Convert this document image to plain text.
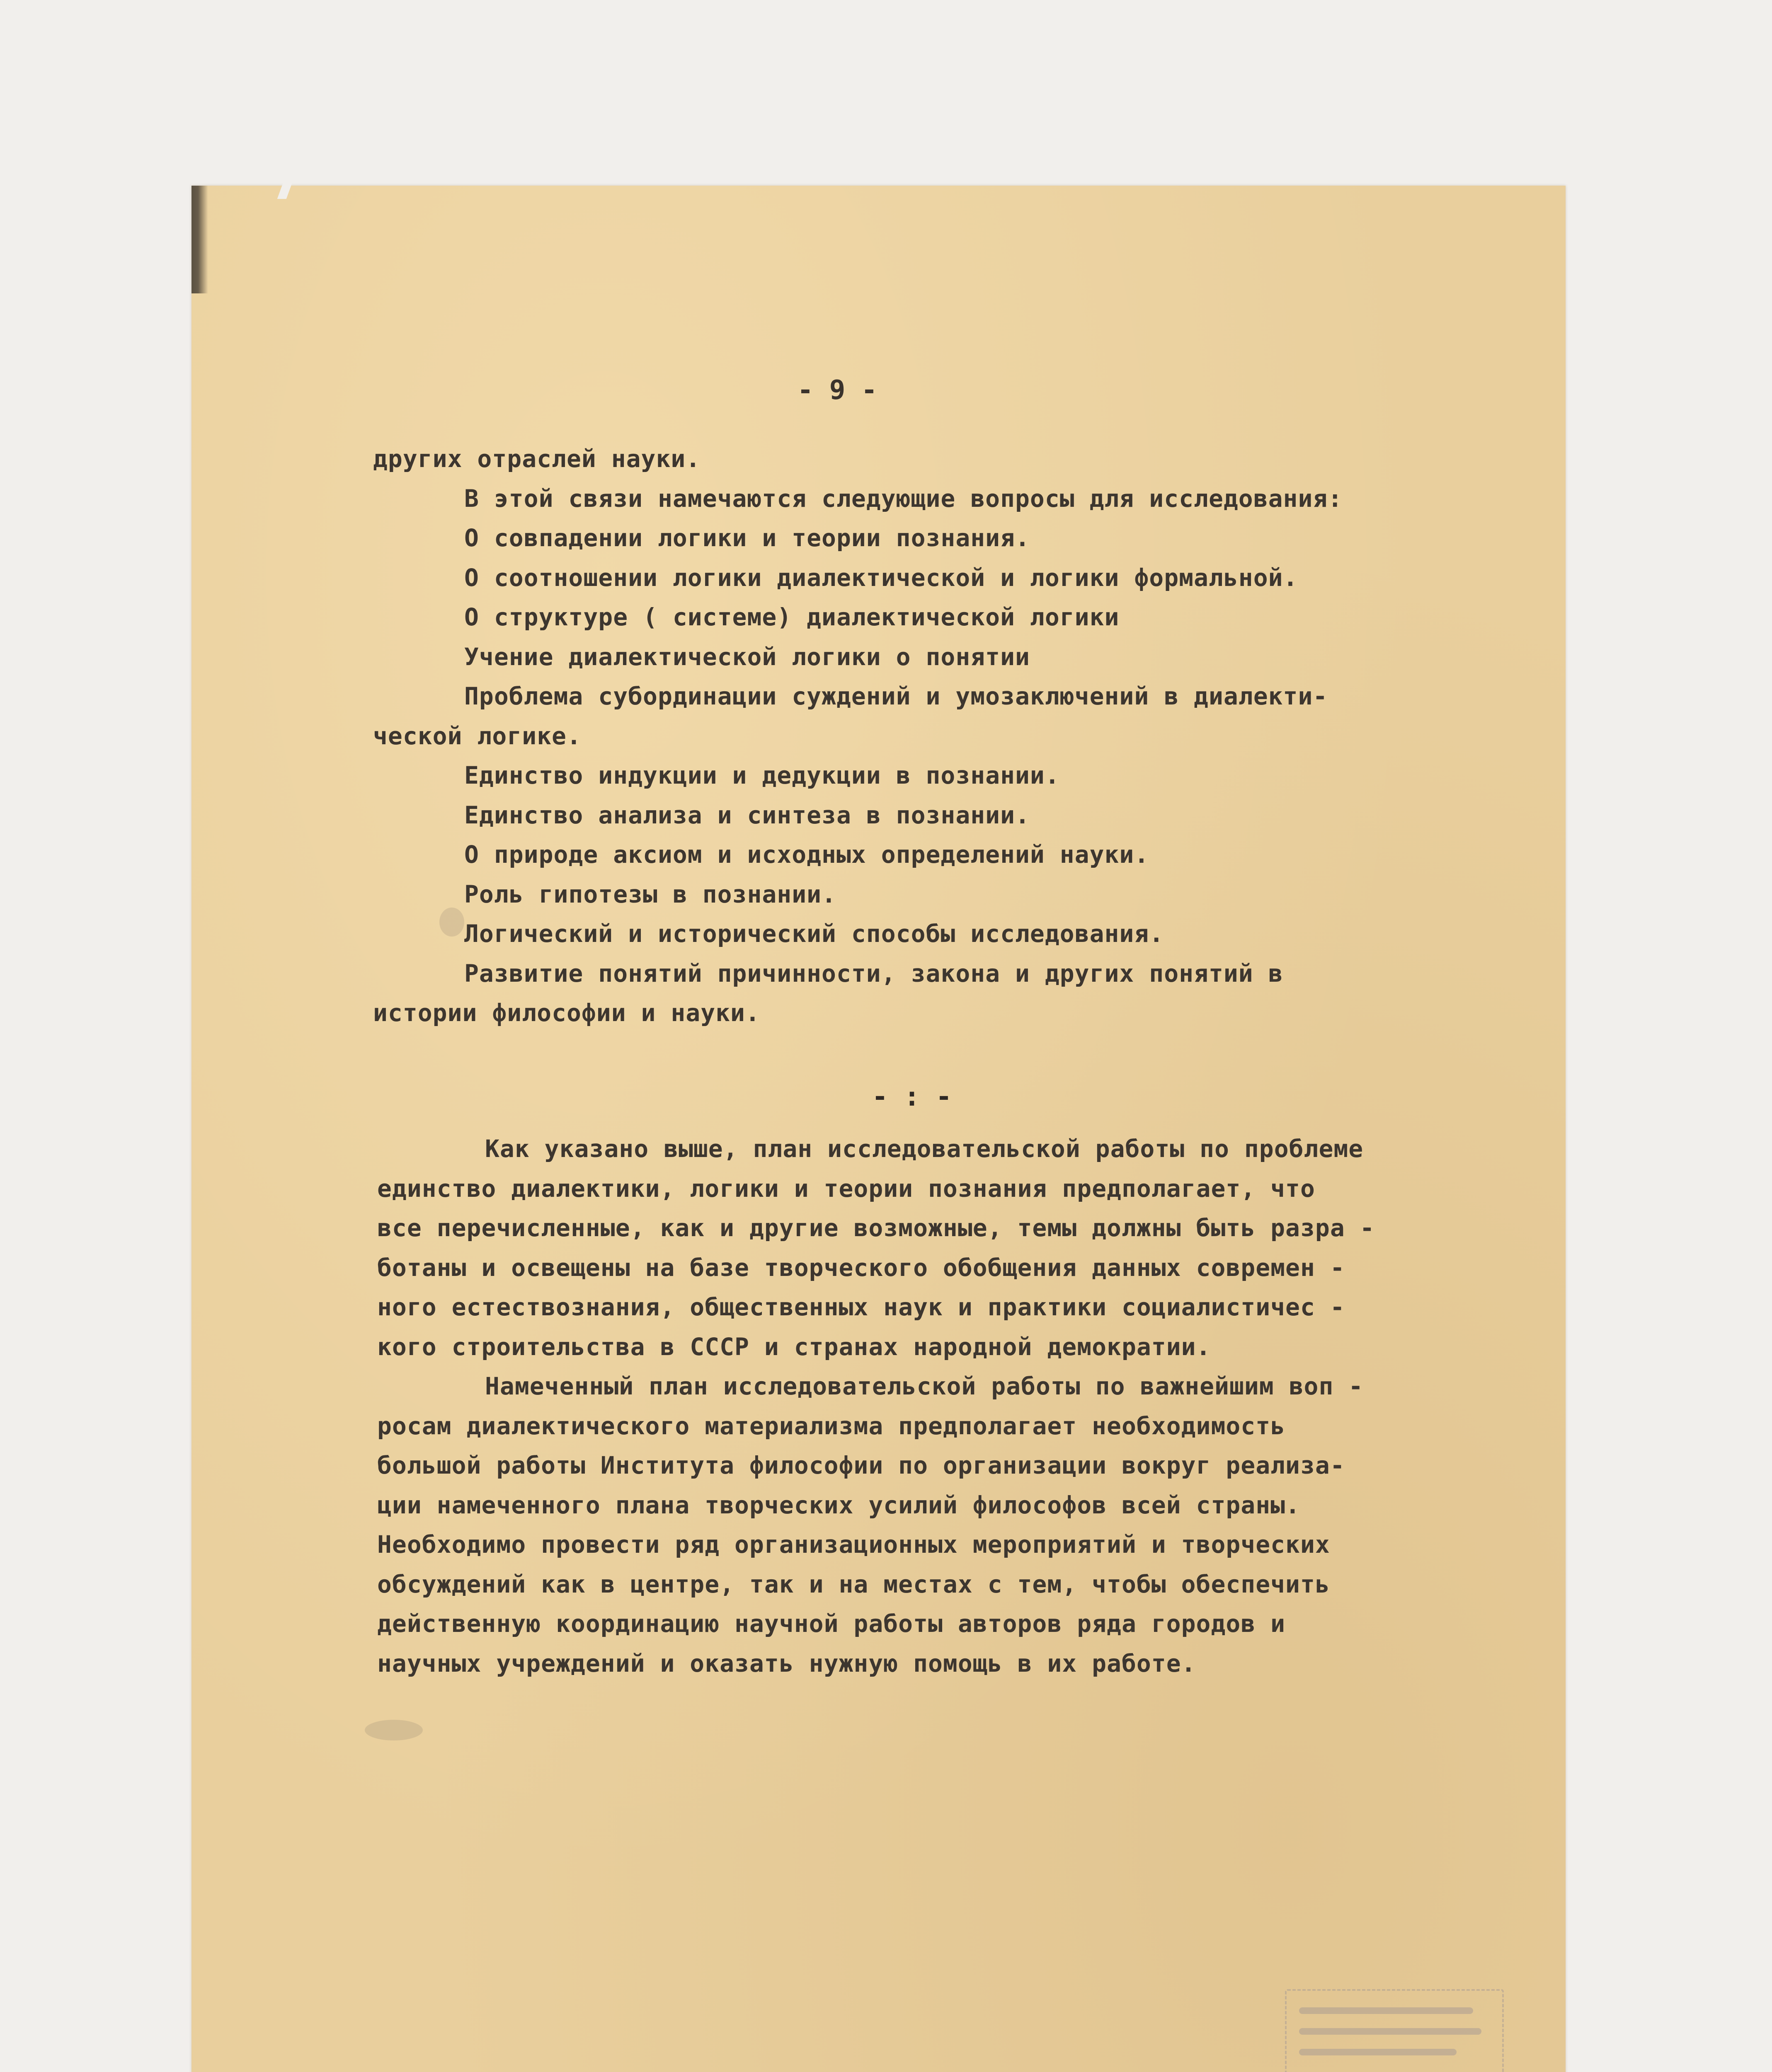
- 9 -
других отраслей науки.
В этой связи намечаются следующие вопросы для исследования:
О совпадении логики и теории познания.
О соотношении логики диалектической и логики формальной.
О структуре ( системе) диалектической логики
Учение диалектической логики о понятии
Проблема субординации суждений и умозаключений в диалекти-
ческой логике.
Единство индукции и дедукции в познании.
Единство анализа и синтеза в познании.
О природе аксиом и исходных определений науки.
Роль гипотезы в познании.
Логический и исторический способы исследования.
Развитие понятий причинности, закона и других понятий в
истории философии и науки.
- : -
Как указано выше, план исследовательской работы по проблеме
единство диалектики, логики и теории познания предполагает, что
все перечисленные, как и другие возможные, темы должны быть разра -
ботаны и освещены на базе творческого обобщения данных современ -
ного естествознания, общественных наук и практики социалистичес -
кого строительства в СССР и странах народной демократии.
Намеченный план исследовательской работы по важнейшим воп -
росам диалектического материализма предполагает необходимость
большой работы Института философии по организации вокруг реализа-
ции намеченного плана творческих усилий философов всей страны.
Необходимо провести ряд организационных мероприятий и творческих
обсуждений как в центре, так и на местах с тем, чтобы обеспечить
действенную координацию научной работы авторов ряда городов и
научных учреждений и оказать нужную помощь в их работе.
